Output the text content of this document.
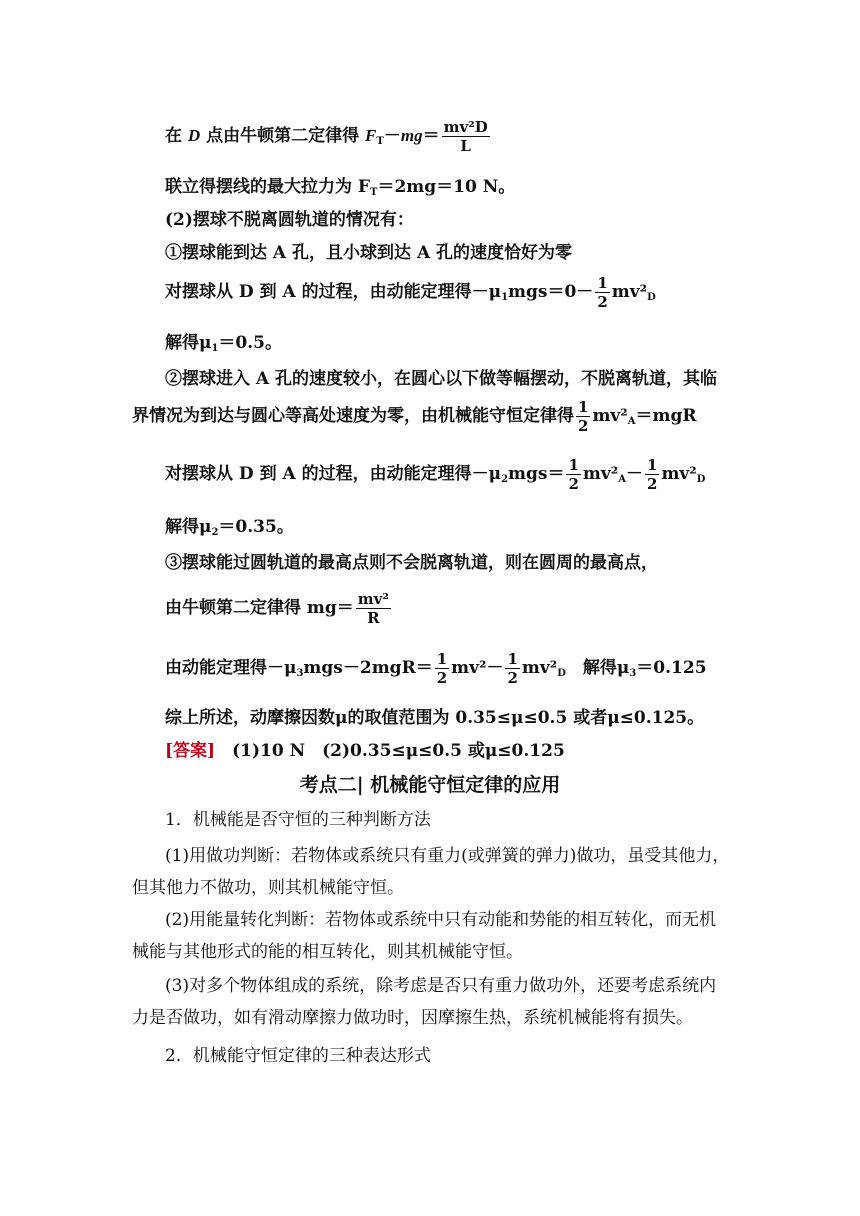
在 D 点由牛顿第二定律得 $F_T-mg= \frac{\text{mv²D}}{L}$
联立得摆线的最大拉力为 $F_T=2mg=10$ N。
(2)摆球不脱离圆轨道的情况有：
①摆球能到达 A 孔，且小球到达 A 孔的速度恰好为零
对摆球从 D 到 A 的过程，由动能定理得$-\mu_1mgs=0- \frac{1}{2} mv^2_D$
解得$\mu_1=0.5$。
②摆球进入 A 孔的速度较小，在圆心以下做等幅摆动，不脱离轨道，其临
界情况为到达与圆心等高处速度为零，由机械能守恒定律得 $\frac{1}{2} mv^2_A=mgR$
对摆球从 D 到 A 的过程，由动能定理得$-\mu_2mgs= \frac{1}{2} mv^2_A- \frac{1}{2} mv^2_D$
解得$\mu_2=0.35$。
③摆球能过圆轨道的最高点则不会脱离轨道，则在圆周的最高点，
由牛顿第二定律得 $mg= \frac{\text{mv²}}{R}$
由动能定理得$-\mu_3mgs-2mgR= \frac{1}{2} mv^2- \frac{1}{2} mv^2_D$　解得$\mu_3=0.125$
综上所述，动摩擦因数μ的取值范围为 0.35≤μ≤0.5 或者μ≤0.125。
[答案]　(1)10 N　(2)0.35≤μ≤0.5 或μ≤0.125
考点二| 机械能守恒定律的应用
1．机械能是否守恒的三种判断方法
(1)用做功判断：若物体或系统只有重力(或弹簧的弹力)做功，虽受其他力，但其他力不做功，则其机械能守恒。
(2)用能量转化判断：若物体或系统中只有动能和势能的相互转化，而无机械能与其他形式的能的相互转化，则其机械能守恒。
(3)对多个物体组成的系统，除考虑是否只有重力做功外，还要考虑系统内力是否做功，如有滑动摩擦力做功时，因摩擦生热，系统机械能将有损失。
2．机械能守恒定律的三种表达形式
